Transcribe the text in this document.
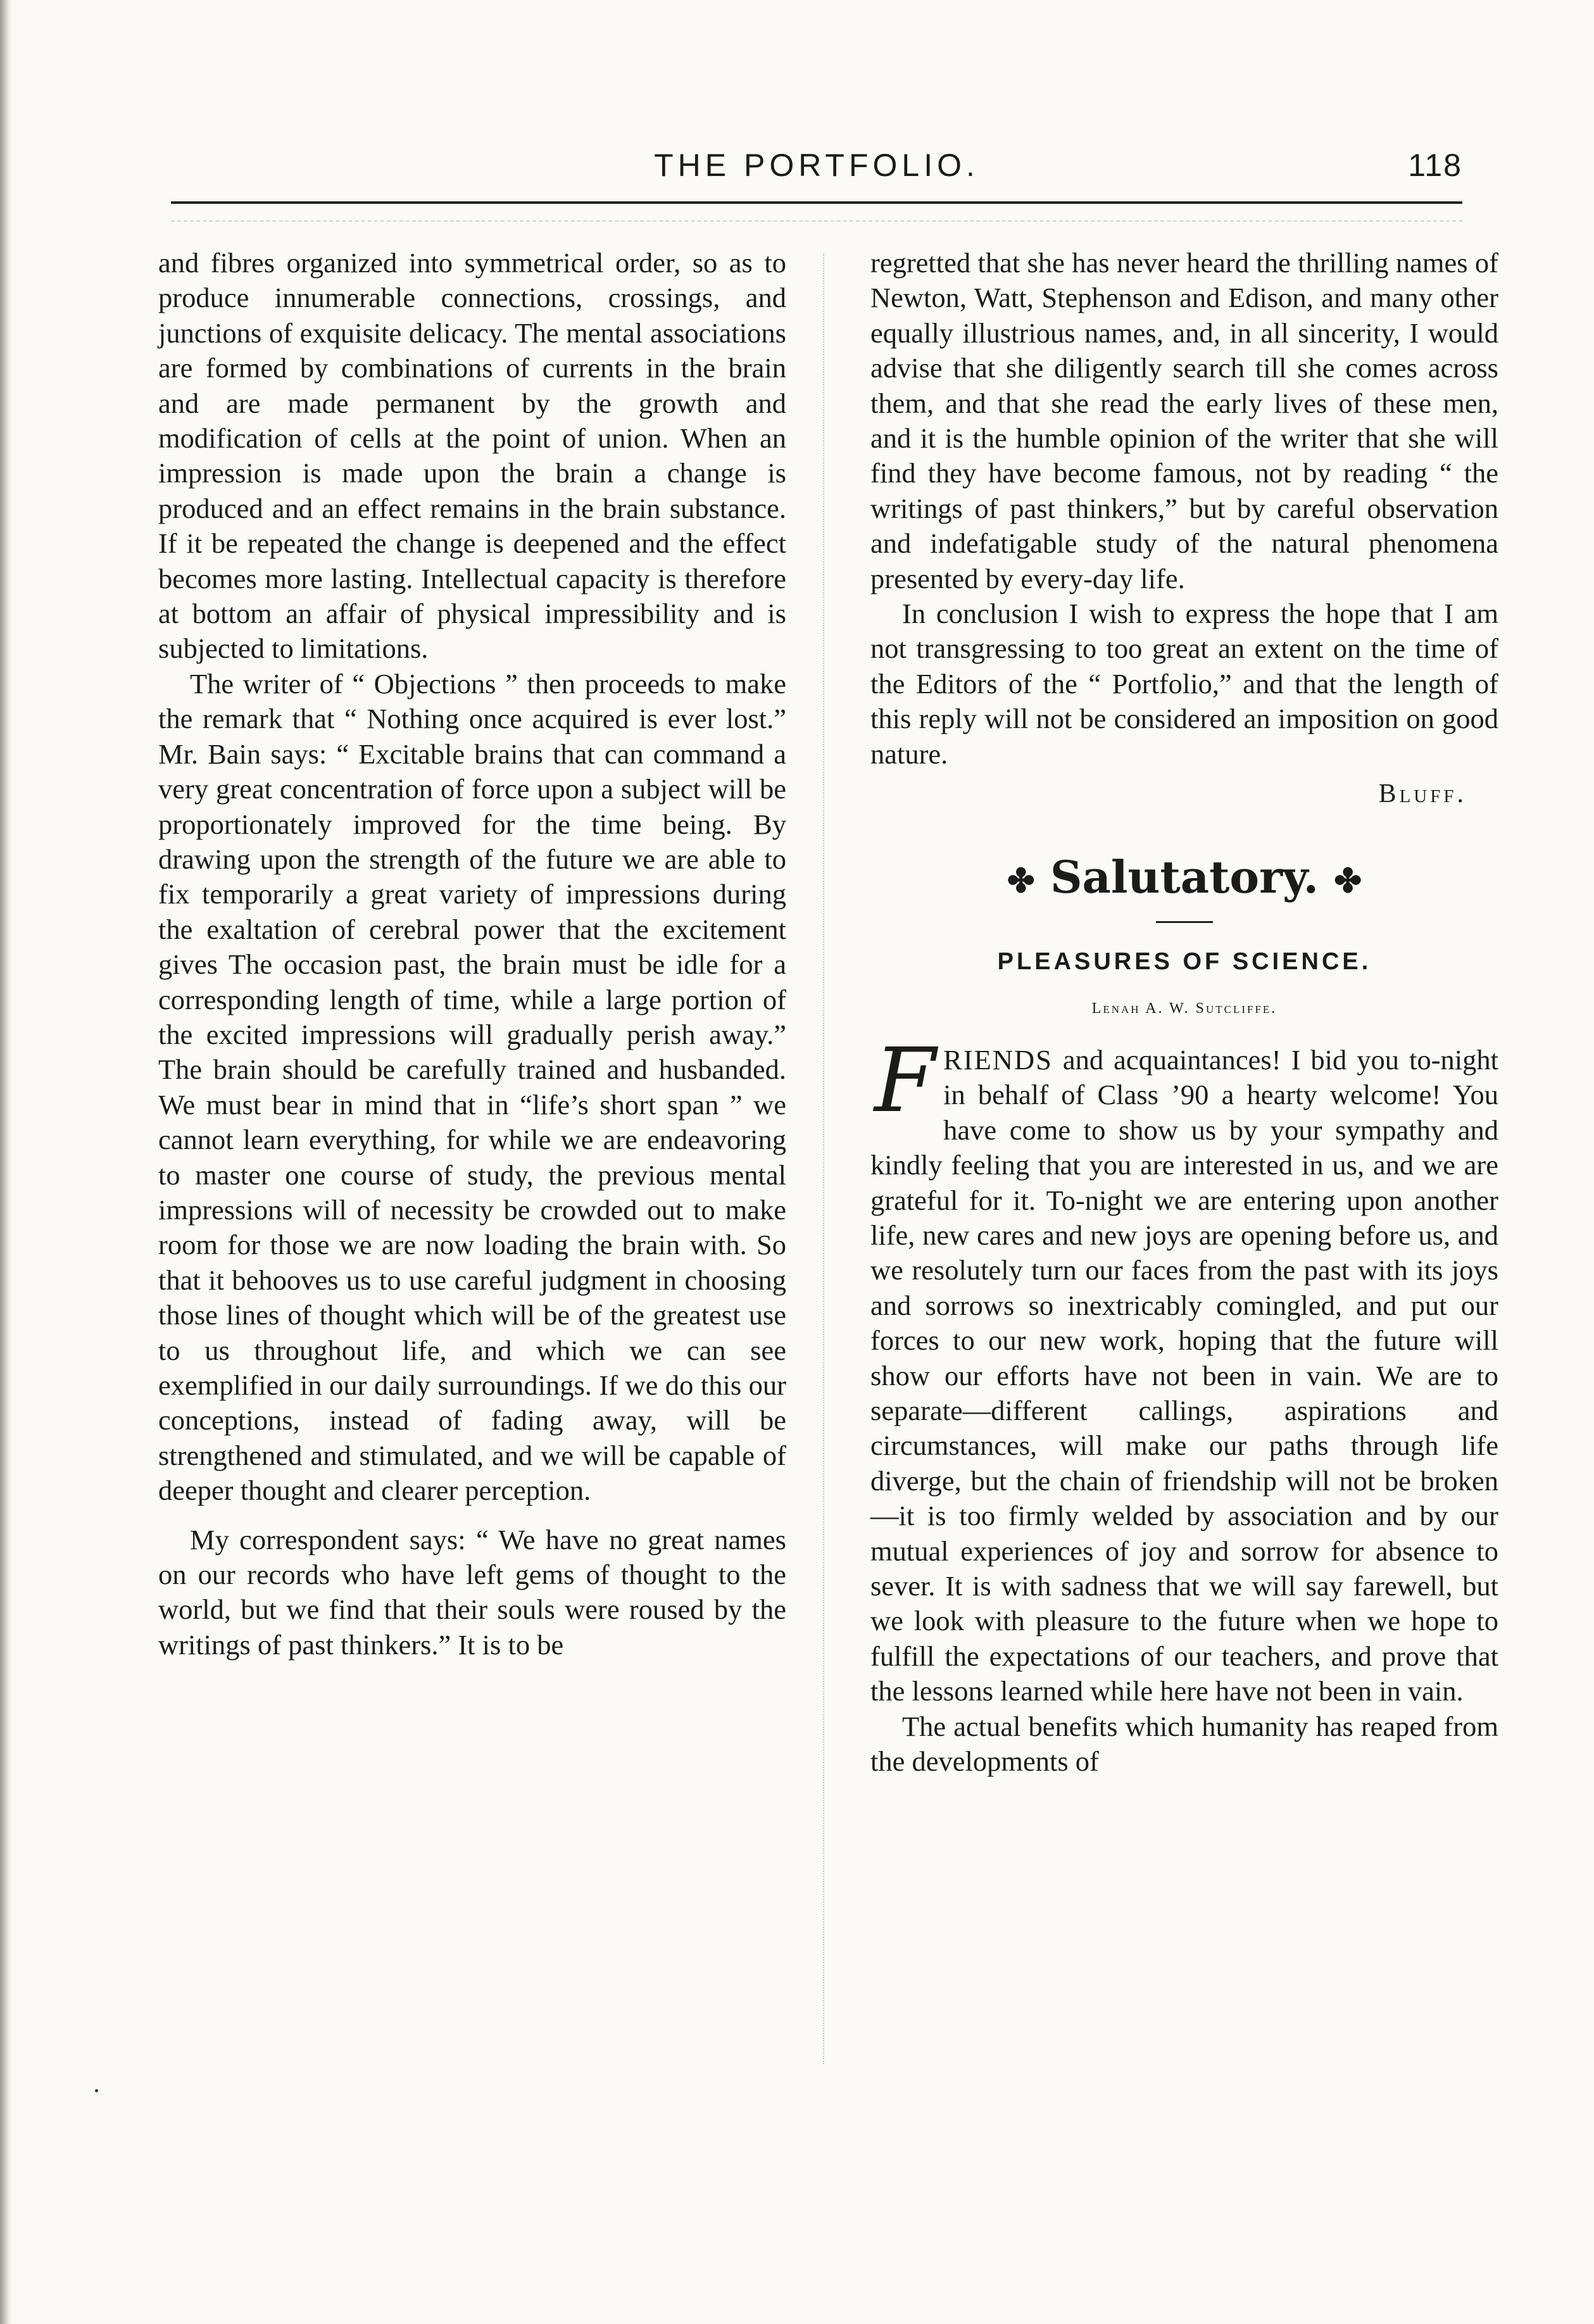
THE PORTFOLIO.	118

and fibres organized into symmetrical order, so as to produce innumerable connections, crossings, and junctions of exquisite delicacy. The mental associations are formed by combinations of currents in the brain and are made permanent by the growth and modification of cells at the point of union. When an impression is made upon the brain a change is produced and an effect remains in the brain substance. If it be repeated the change is deepened and the effect becomes more lasting. Intellectual capacity is therefore at bottom an affair of physical impressibility and is subjected to limitations.

The writer of “ Objections ” then proceeds to make the remark that “ Nothing once acquired is ever lost.” Mr. Bain says: “ Excitable brains that can command a very great concentration of force upon a subject will be proportionately improved for the time being. By drawing upon the strength of the future we are able to fix temporarily a great variety of impressions during the exaltation of cerebral power that the excitement gives The occasion past, the brain must be idle for a corresponding length of time, while a large portion of the excited impressions will gradually perish away.” The brain should be carefully trained and husbanded. We must bear in mind that in “life’s short span ” we cannot learn everything, for while we are endeavoring to master one course of study, the previous mental impressions will of necessity be crowded out to make room for those we are now loading the brain with. So that it behooves us to use careful judgment in choosing those lines of thought which will be of the greatest use to us throughout life, and which we can see exemplified in our daily surroundings. If we do this our conceptions, instead of fading away, will be strengthened and stimulated, and we will be capable of deeper thought and clearer perception.

My correspondent says: “ We have no great names on our records who have left gems of thought to the world, but we find that their souls were roused by the writings of past thinkers.” It is to be

regretted that she has never heard the thrilling names of Newton, Watt, Stephenson and Edison, and many other equally illustrious names, and, in all sincerity, I would advise that she diligently search till she comes across them, and that she read the early lives of these men, and it is the humble opinion of the writer that she will find they have become famous, not by reading “ the writings of past thinkers,” but by careful observation and indefatigable study of the natural phenomena presented by every-day life.

In conclusion I wish to express the hope that I am not transgressing to too great an extent on the time of the Editors of the “ Portfolio,” and that the length of this reply will not be considered an imposition on good nature.

Bluff.

✤ Salutatory. ✤
PLEASURES OF SCIENCE.
Lenah A. W. Sutcliffe.

FRIENDS and acquaintances! I bid you to-night in behalf of Class ’90 a hearty welcome! You have come to show us by your sympathy and kindly feeling that you are interested in us, and we are grateful for it. To-night we are entering upon another life, new cares and new joys are opening before us, and we resolutely turn our faces from the past with its joys and sorrows so inextricably comingled, and put our forces to our new work, hoping that the future will show our efforts have not been in vain. We are to separate—different callings, aspirations and circumstances, will make our paths through life diverge, but the chain of friendship will not be broken—it is too firmly welded by association and by our mutual experiences of joy and sorrow for absence to sever. It is with sadness that we will say farewell, but we look with pleasure to the future when we hope to fulfill the expectations of our teachers, and prove that the lessons learned while here have not been in vain.

The actual benefits which humanity has reaped from the developments of
